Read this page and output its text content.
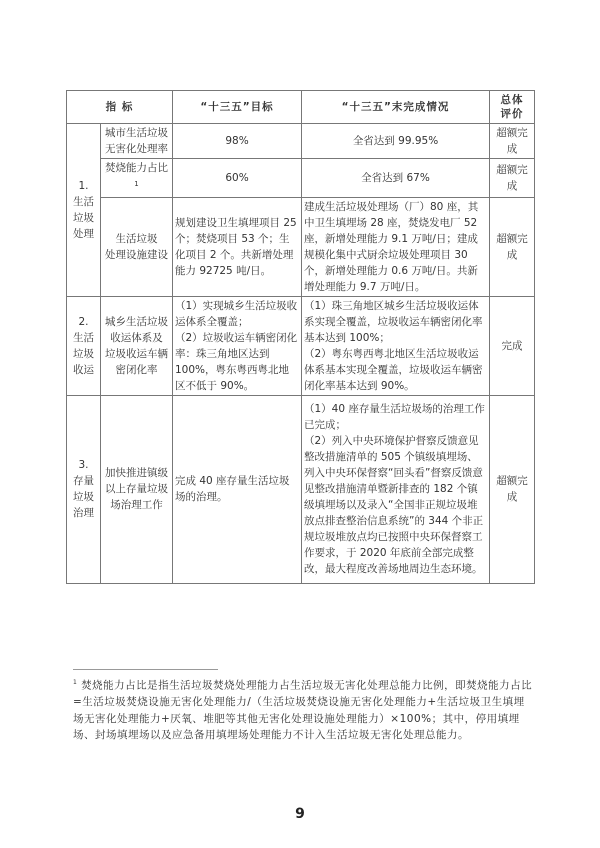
指 标		“十三五”目标	“十三五”末完成情况	总体
评价
1.
生活
垃圾
处理	城市生活垃圾
无害化处理率	98%	全省达到 99.95%	超额完成
	焚烧能力占比$^1$	60%	全省达到 67%	超额完成
	生活垃圾
处理设施建设	规划建设卫生填埋项目 25 个；焚烧项目 53 个；生化项目 2 个。共新增处理能力 92725 吨/日。	建成生活垃圾处理场（厂）80 座，其中卫生填埋场 28 座，焚烧发电厂 52 座，新增处理能力 9.1 万吨/日；建成规模化集中式厨余垃圾处理项目 30 个，新增处理能力 0.6 万吨/日。共新增处理能力 9.7 万吨/日。	超额完成
2.
生活
垃圾
收运	城乡生活垃圾
收运体系及
垃圾收运车辆
密闭化率	（1）实现城乡生活垃圾收运体系全覆盖；
（2）垃圾收运车辆密闭化率：珠三角地区达到 100%，粤东粤西粤北地区不低于 90%。	（1）珠三角地区城乡生活垃圾收运体系实现全覆盖，垃圾收运车辆密闭化率基本达到 100%；
（2）粤东粤西粤北地区生活垃圾收运体系基本实现全覆盖，垃圾收运车辆密闭化率基本达到 90%。	完成
3.
存量
垃圾
治理	加快推进镇级
以上存量垃圾
场治理工作	完成 40 座存量生活垃圾场的治理。	（1）40 座存量生活垃圾场的治理工作已完成；
（2）列入中央环境保护督察反馈意见整改措施清单的 505 个镇级填埋场、列入中央环保督察“回头看”督察反馈意见整改措施清单暨新排查的 182 个镇级填埋场以及录入“全国非正规垃圾堆放点排查整治信息系统”的 344 个非正规垃圾堆放点均已按照中央环保督察工作要求，于 2020 年底前全部完成整改，最大程度改善场地周边生态环境。	超额完成
$^1$ 焚烧能力占比是指生活垃圾焚烧处理能力占生活垃圾无害化处理总能力比例，即焚烧能力占比=生活垃圾焚烧设施无害化处理能力/（生活垃圾焚烧设施无害化处理能力+生活垃圾卫生填埋场无害化处理能力+厌氧、堆肥等其他无害化处理设施处理能力）×100%；其中，停用填埋场、封场填埋场以及应急备用填埋场处理能力不计入生活垃圾无害化处理总能力。
9
